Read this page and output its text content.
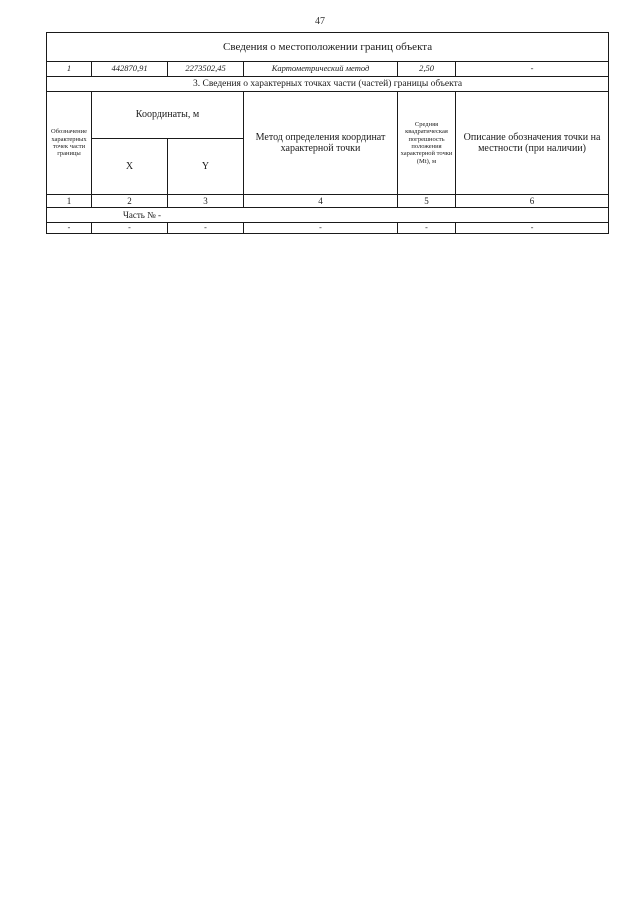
47
Сведения о местоположении границ объекта					
1	442870,91	2273502,45	Картометрический метод	2,50	-
3. Сведения о характерных точках части (частей) границы объекта					
Обозначение характерных точек части границы	Координаты, м		Метод определения координат характерной точки	Средняя квадратическая погрешность положения характерной точки (Mt), м	Описание обозначения точки на местности (при наличии)
	X	Y			
1	2	3	4	5	6
Часть № -					
-	-	-	-	-	-
